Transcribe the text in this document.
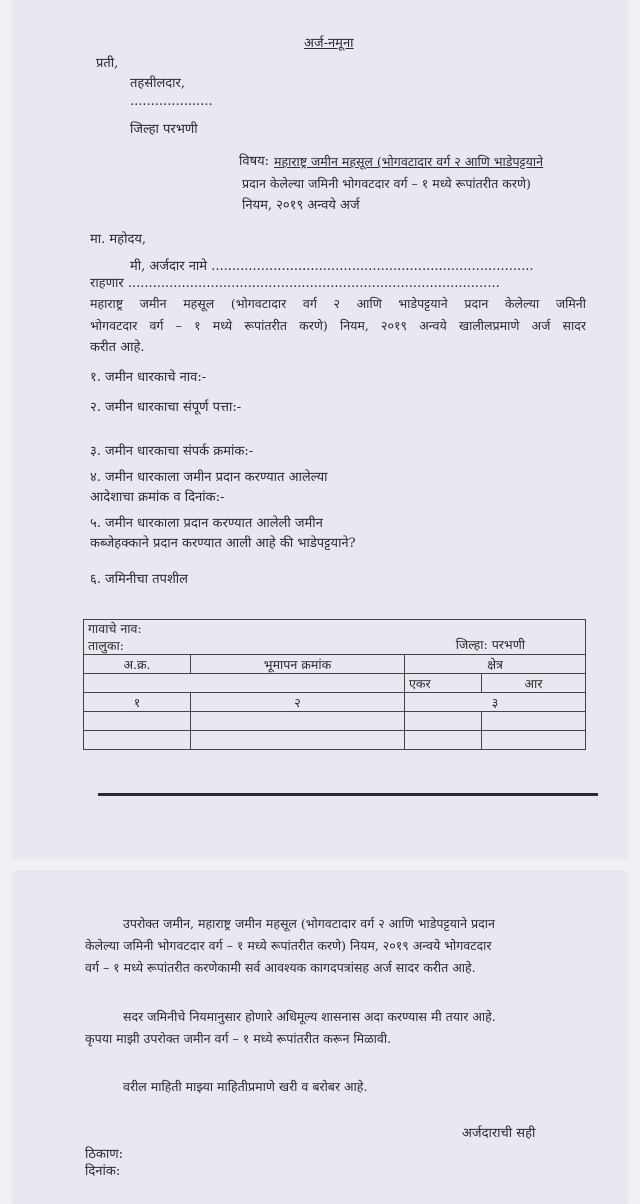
अर्ज-नमूना
प्रती,
तहसीलदार,
....................
जिल्हा परभणी
विषय: महाराष्ट्र जमीन महसूल (भोगवटादार वर्ग २ आणि भाडेपट्टयाने
प्रदान केलेल्या जमिनी भोगवटदार वर्ग – १ मध्ये रूपांतरीत करणे)
नियम, २०१९ अन्वये अर्ज
मा. महोदय,
मी, अर्जदार नामे ..............................................................................
राहणार ..........................................................................................
महाराष्ट्र जमीन महसूल (भोगवटादार वर्ग २ आणि भाडेपट्टयाने प्रदान केलेल्या जमिनी
भोगवटदार वर्ग – १ मध्ये रूपांतरीत करणे) नियम, २०१९ अन्वये खालीलप्रमाणे अर्ज सादर
करीत आहे.
१. जमीन धारकाचे नाव:-
२. जमीन धारकाचा संपूर्ण पत्ता:-
३. जमीन धारकाचा संपर्क क्रमांक:-
४. जमीन धारकाला जमीन प्रदान करण्यात आलेल्या
आदेशाचा क्रमांक व दिनांक:-
५. जमीन धारकाला प्रदान करण्यात आलेली जमीन
कब्जेहक्काने प्रदान करण्यात आली आहे की भाडेपट्टयाने?
६. जमिनीचा तपशील
गावाचे नाव:
तालुका: जिल्हा: परभणी			

अ.क्र.	भूमापन क्रमांक	क्षेत्र	
		एकर	आर
१	२	३	

उपरोक्त जमीन, महाराष्ट्र जमीन महसूल (भोगवटादार वर्ग २ आणि भाडेपट्टयाने प्रदान
केलेल्या जमिनी भोगवटदार वर्ग – १ मध्ये रूपांतरीत करणे) नियम, २०१९ अन्वये भोगवटदार
वर्ग – १ मध्ये रूपांतरीत करणेकामी सर्व आवश्यक कागदपत्रांसह अर्ज सादर करीत आहे.
सदर जमिनीचे नियमानुसार होणारे अधिमूल्य शासनास अदा करण्यास मी तयार आहे.
कृपया माझी उपरोक्त जमीन वर्ग – १ मध्ये रूपांतरीत करून मिळावी.
वरील माहिती माझ्या माहितीप्रमाणे खरी व बरोबर आहे.
अर्जदाराची सही
ठिकाण:
दिनांक:
